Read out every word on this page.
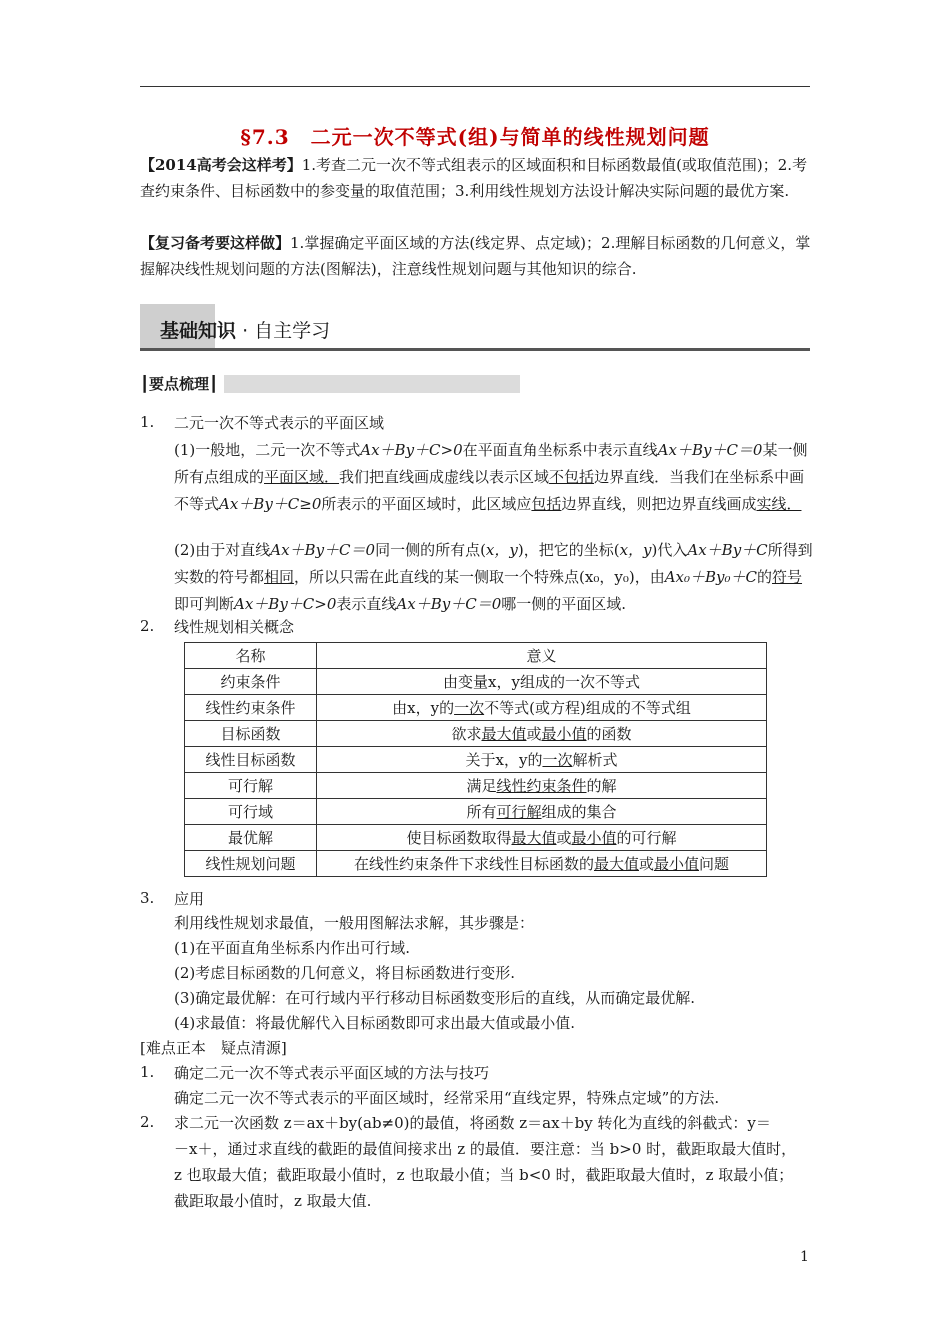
§7.3　二元一次不等式(组)与简单的线性规划问题
【2014高考会这样考】1.考查二元一次不等式组表示的区域面积和目标函数最值(或取值范围)；2.考查约束条件、目标函数中的参变量的取值范围；3.利用线性规划方法设计解决实际问题的最优方案.
【复习备考要这样做】1.掌握确定平面区域的方法(线定界、点定域)；2.理解目标函数的几何意义，掌握解决线性规划问题的方法(图解法)，注意线性规划问题与其他知识的综合.
基础知识 · 自主学习
┃要点梳理┃
1.	二元一次不等式表示的平面区域
(1)一般地，二元一次不等式Ax＋By＋C>0在平面直角坐标系中表示直线Ax＋By＋C＝0某一侧所有点组成的平面区域．我们把直线画成虚线以表示区域不包括边界直线．当我们在坐标系中画不等式Ax＋By＋C≥0所表示的平面区域时，此区域应包括边界直线，则把边界直线画成实线．
(2)由于对直线Ax＋By＋C＝0同一侧的所有点(x，y)，把它的坐标(x，y)代入Ax＋By＋C所得到实数的符号都相同，所以只需在此直线的某一侧取一个特殊点(x₀，y₀)，由Ax₀＋By₀＋C的符号即可判断Ax＋By＋C>0表示直线Ax＋By＋C＝0哪一侧的平面区域.
2.	线性规划相关概念
名称	意义
约束条件	由变量x，y组成的一次不等式
线性约束条件	由x，y的一次不等式(或方程)组成的不等式组
目标函数	欲求最大值或最小值的函数
线性目标函数	关于x，y的一次解析式
可行解	满足线性约束条件的解
可行域	所有可行解组成的集合
最优解	使目标函数取得最大值或最小值的可行解
线性规划问题	在线性约束条件下求线性目标函数的最大值或最小值问题
3.	应用
利用线性规划求最值，一般用图解法求解，其步骤是：
(1)在平面直角坐标系内作出可行域.
(2)考虑目标函数的几何意义，将目标函数进行变形.
(3)确定最优解：在可行域内平行移动目标函数变形后的直线，从而确定最优解.
(4)求最值：将最优解代入目标函数即可求出最大值或最小值.
[难点正本　疑点清源]
1.	确定二元一次不等式表示平面区域的方法与技巧
确定二元一次不等式表示的平面区域时，经常采用“直线定界，特殊点定域”的方法.
2.	求二元一次函数 z＝ax＋by(ab≠0)的最值，将函数 z＝ax＋by 转化为直线的斜截式：y＝
－x＋，通过求直线的截距的最值间接求出 z 的最值．要注意：当 b>0 时，截距取最大值时，
z 也取最大值；截距取最小值时，z 也取最小值；当 b<0 时，截距取最大值时，z 取最小值；
截距取最小值时，z 取最大值.
1
